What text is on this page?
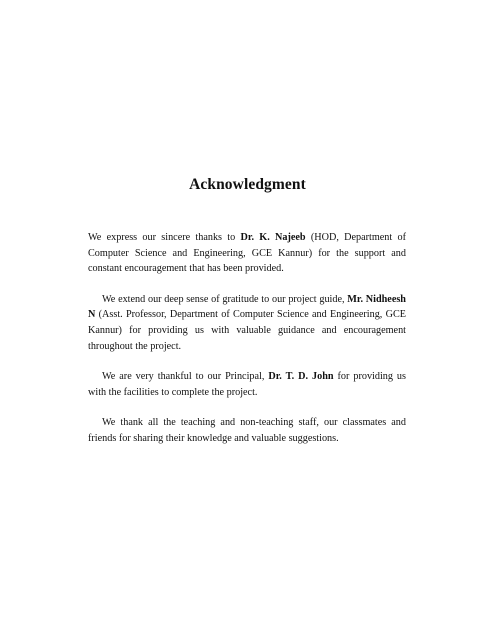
Acknowledgment

We express our sincere thanks to Dr. K. Najeeb (HOD, Department of Computer Science and Engineering, GCE Kannur) for the support and constant encouragement that has been provided.

We extend our deep sense of gratitude to our project guide, Mr. Nidheesh N (Asst. Professor, Department of Computer Science and Engineering, GCE Kannur) for providing us with valuable guidance and encouragement throughout the project.

We are very thankful to our Principal, Dr. T. D. John for providing us with the facilities to complete the project.

We thank all the teaching and non-teaching staff, our classmates and friends for sharing their knowledge and valuable suggestions.
